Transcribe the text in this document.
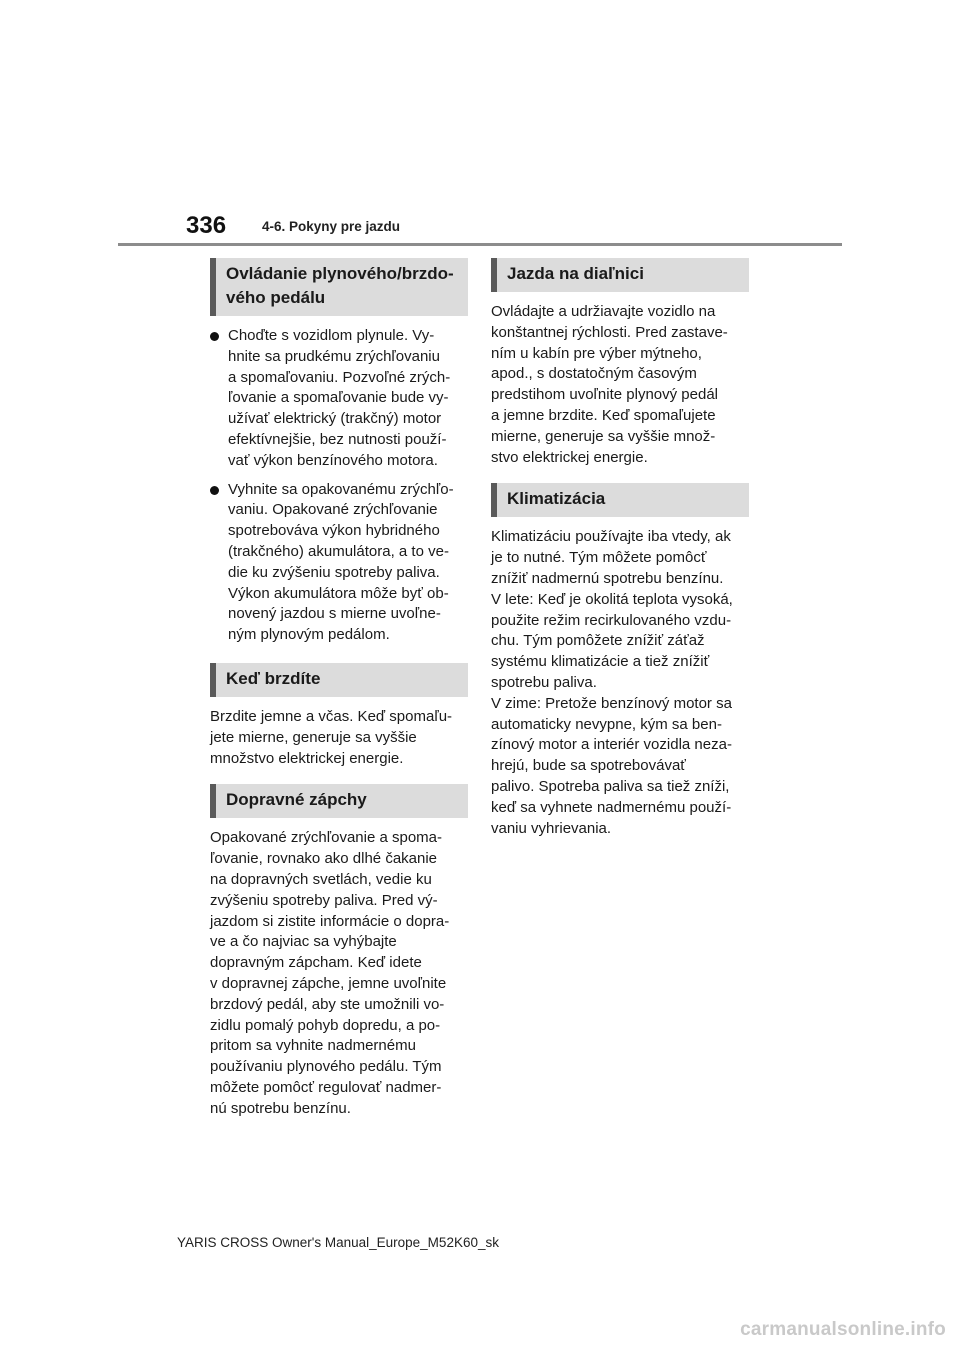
336	4-6. Pokyny pre jazdu
Ovládanie plynového/brzdo-
vého pedálu
Choďte s vozidlom plynule. Vy-
hnite sa prudkému zrýchľovaniu
a spomaľovaniu. Pozvoľné zrých-
ľovanie a spomaľovanie bude vy-
užívať elektrický (trakčný) motor
efektívnejšie, bez nutnosti použí-
vať výkon benzínového motora.
Vyhnite sa opakovanému zrýchľo-
vaniu. Opakované zrýchľovanie
spotrebováva výkon hybridného
(trakčného) akumulátora, a to ve-
die ku zvýšeniu spotreby paliva.
Výkon akumulátora môže byť ob-
novený jazdou s mierne uvoľne-
ným plynovým pedálom.
Keď brzdíte
Brzdite jemne a včas. Keď spomaľu-
jete mierne, generuje sa vyššie
množstvo elektrickej energie.
Dopravné zápchy
Opakované zrýchľovanie a spoma-
ľovanie, rovnako ako dlhé čakanie
na dopravných svetlách, vedie ku
zvýšeniu spotreby paliva. Pred vý-
jazdom si zistite informácie o dopra-
ve a čo najviac sa vyhýbajte
dopravným zápcham. Keď idete
v dopravnej zápche, jemne uvoľnite
brzdový pedál, aby ste umožnili vo-
zidlu pomalý pohyb dopredu, a po-
pritom sa vyhnite nadmernému
používaniu plynového pedálu. Tým
môžete pomôcť regulovať nadmer-
nú spotrebu benzínu.
Jazda na diaľnici
Ovládajte a udržiavajte vozidlo na
konštantnej rýchlosti. Pred zastave-
ním u kabín pre výber mýtneho,
apod., s dostatočným časovým
predstihom uvoľnite plynový pedál
a jemne brzdite. Keď spomaľujete
mierne, generuje sa vyššie množ-
stvo elektrickej energie.
Klimatizácia
Klimatizáciu používajte iba vtedy, ak
je to nutné. Tým môžete pomôcť
znížiť nadmernú spotrebu benzínu.
V lete: Keď je okolitá teplota vysoká,
použite režim recirkulovaného vzdu-
chu. Tým pomôžete znížiť záťaž
systému klimatizácie a tiež znížiť
spotrebu paliva.
V zime: Pretože benzínový motor sa
automaticky nevypne, kým sa ben-
zínový motor a interiér vozidla neza-
hrejú, bude sa spotrebovávať
palivo. Spotreba paliva sa tiež zníži,
keď sa vyhnete nadmernému použí-
vaniu vyhrievania.
YARIS CROSS Owner's Manual_Europe_M52K60_sk
carmanualsonline.info
